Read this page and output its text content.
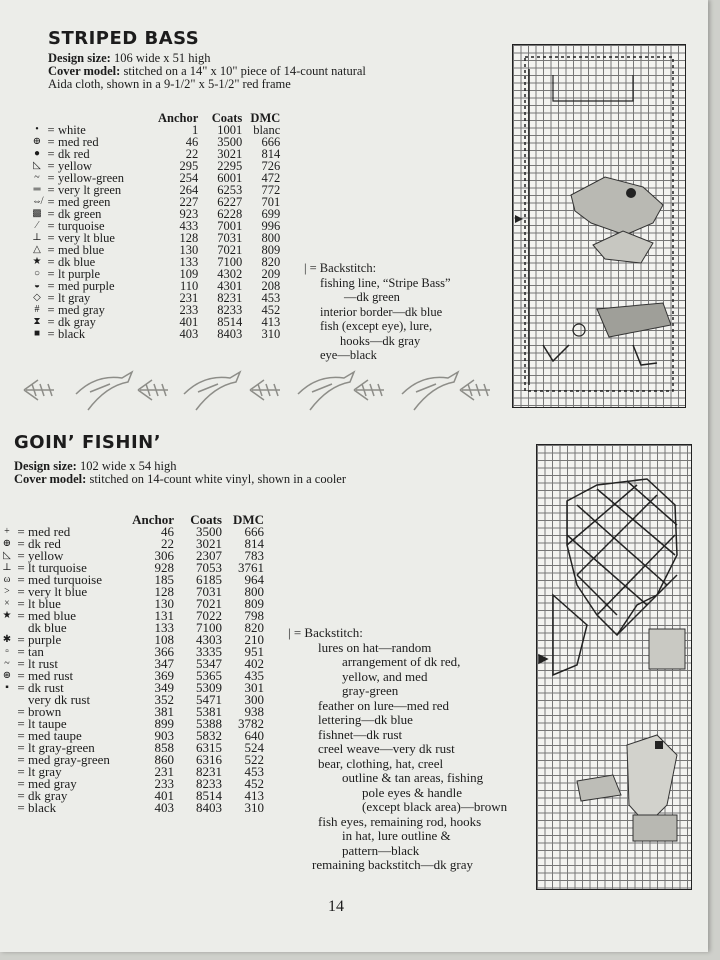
STRIPED BASS
Design size: 106 wide x 51 high
Cover model: stitched on a 14" x 10" piece of 14-count natural
Aida cloth, shown in a 9-1/2" x 5-1/2" red frame
			Anchor	Coats	DMC
•	=	white	1	1001	blanc
⊕	=	med red	46	3500	666
●	=	dk red	22	3021	814
◺	=	yellow	295	2295	726
~	=	yellow-green	254	6001	472
═	=	very lt green	264	6253	772
⇎	=	med green	227	6227	701
▩	=	dk green	923	6228	699
⁄	=	turquoise	433	7001	996
⊥	=	very lt blue	128	7031	800
△	=	med blue	130	7021	809
★	=	dk blue	133	7100	820
○	=	lt purple	109	4302	209
◒	=	med purple	110	4301	208
◇	=	lt gray	231	8231	453
#	=	med gray	233	8233	452
⧗	=	dk gray	401	8514	413
■	=	black	403	8403	310
| = Backstitch:
fishing line, “Stripe Bass”
—dk green
interior border—dk blue
fish (except eye), lure,
hooks—dk gray
eye—black
GOIN’ FISHIN’
Design size: 102 wide x 54 high
Cover model: stitched on 14-count white vinyl, shown in a cooler
			Anchor	Coats	DMC
+	=	med red	46	3500	666
⊕	=	dk red	22	3021	814
◺	=	yellow	306	2307	783
⊥	=	lt turquoise	928	7053	3761
ω	=	med turquoise	185	6185	964
>	=	very lt blue	128	7031	800
×	=	lt blue	130	7021	809
★	=	med blue	131	7022	798
		dk blue	133	7100	820
✱	=	purple	108	4303	210
▫	=	tan	366	3335	951
~	=	lt rust	347	5347	402
⊛	=	med rust	369	5365	435
▪	=	dk rust	349	5309	301
		very dk rust	352	5471	300
	=	brown	381	5381	938
	=	lt taupe	899	5388	3782
	=	med taupe	903	5832	640
	=	lt gray-green	858	6315	524
	=	med gray-green	860	6316	522
	=	lt gray	231	8231	453
	=	med gray	233	8233	452
	=	dk gray	401	8514	413
	=	black	403	8403	310
| = Backstitch:
lures on hat—random
arrangement of dk red,
yellow, and med
gray-green
feather on lure—med red
lettering—dk blue
fishnet—dk rust
creel weave—very dk rust
bear, clothing, hat, creel
outline & tan areas, fishing
pole eyes & handle
(except black area)—brown
fish eyes, remaining rod, hooks
in hat, lure outline &
pattern—black
remaining backstitch—dk gray
14
